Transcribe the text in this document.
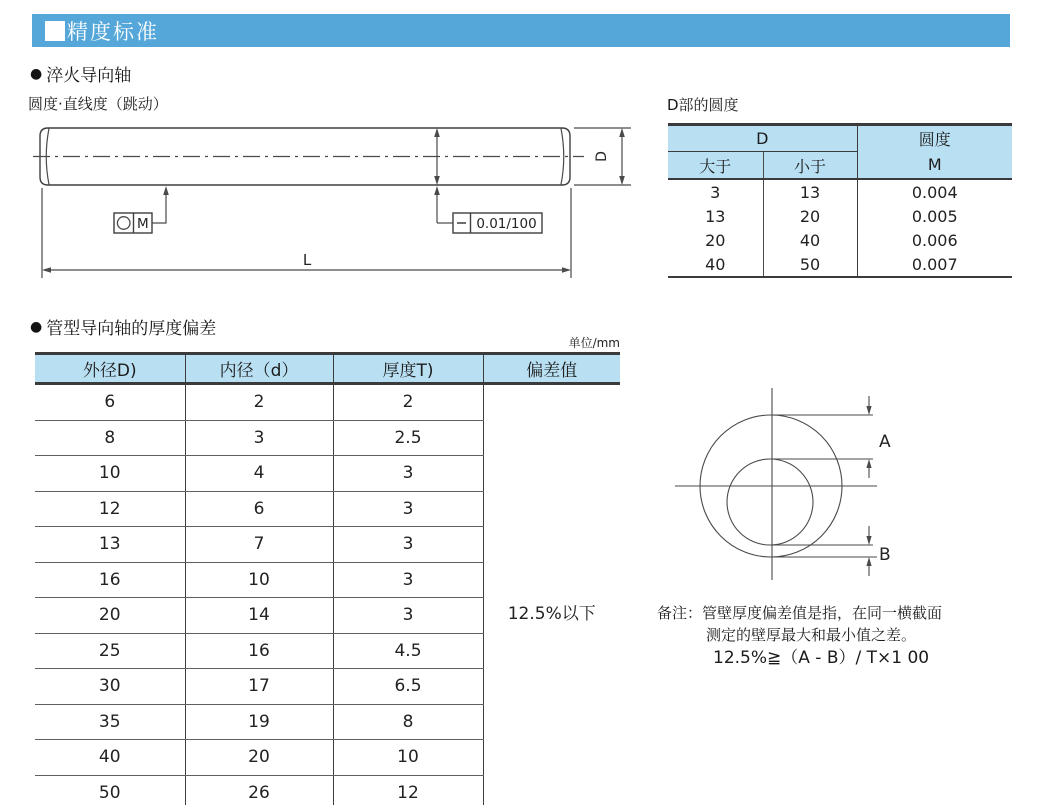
精度标准
● 淬火导向轴
圆度·直线度（跳动）
0.01/100
M
L
D
D部的圆度
D		圆度
大于	小于	M
3	13	0.004
13	20	0.005
20	40	0.006
40	50	0.007
● 管型导向轴的厚度偏差
单位/mm
外径D)	内径（d）	厚度T)	偏差值
6	2	2	12.5%以下

8	3	2.5	
10	4	3	
12	6	3	
13	7	3	
16	10	3	
20	14	3	
25	16	4.5	
30	17	6.5	
35	19	8	
40	20	10	
50	26	12	
A
B
备注：管壁厚度偏差值是指，在同一横截面
测定的壁厚最大和最小值之差。
12.5%≧（A - B）/ T×1 00
